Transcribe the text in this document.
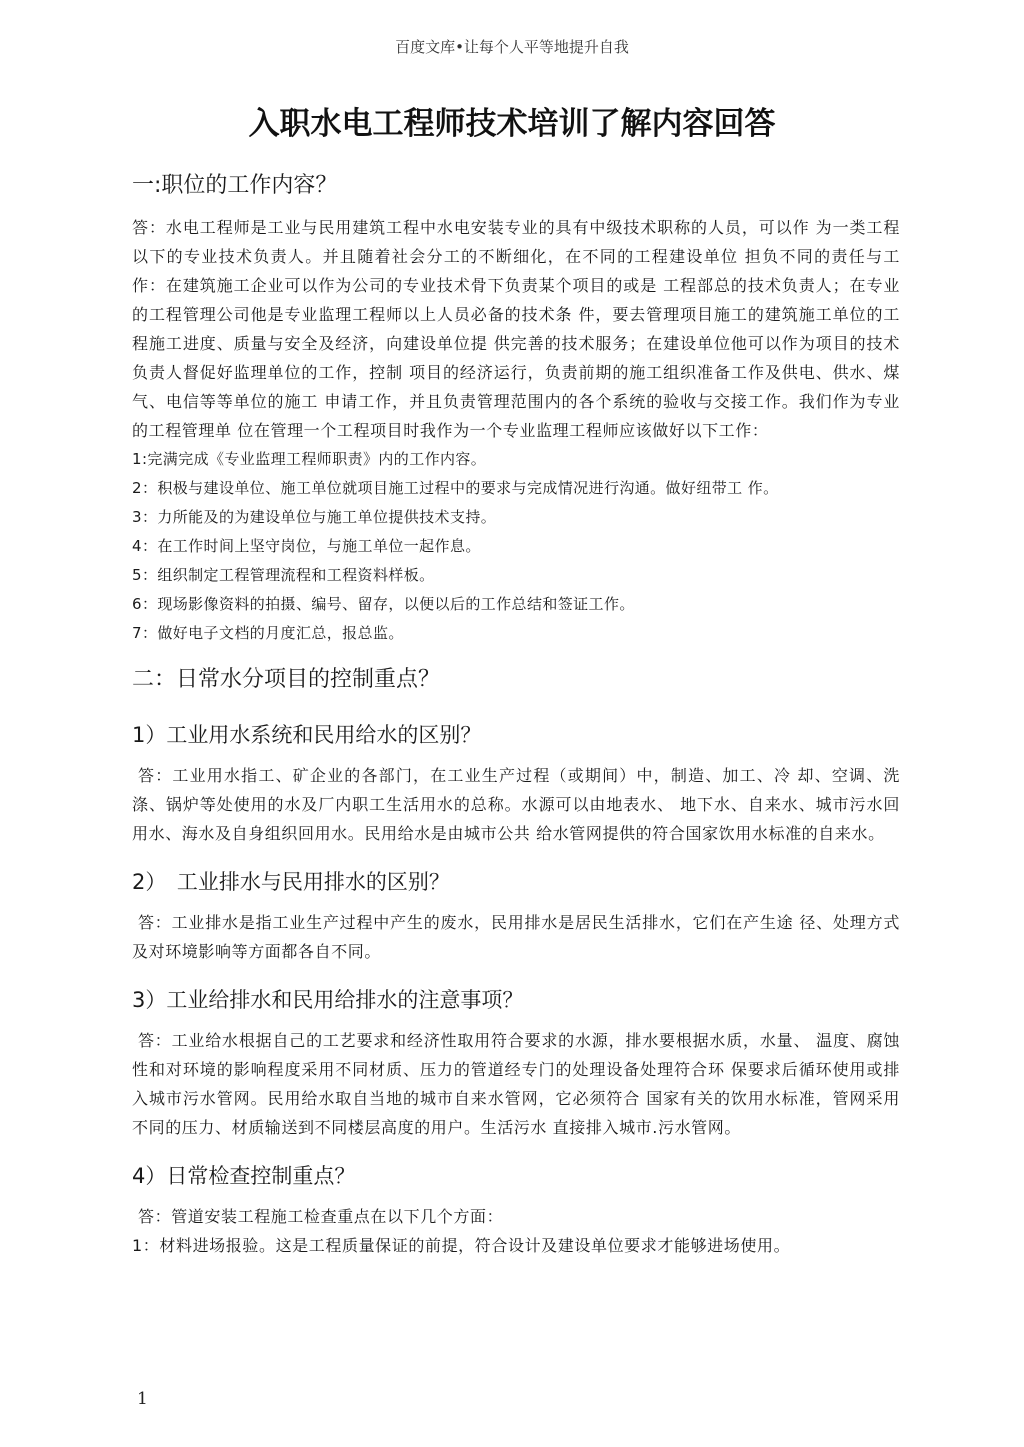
百度文库•让每个人平等地提升自我
入职水电工程师技术培训了解内容回答
一:职位的工作内容？

答：水电工程师是工业与民用建筑工程中水电安装专业的具有中级技术职称的人员，可以作 为一类工程以下的专业技术负责人。并且随着社会分工的不断细化，在不同的工程建设单位 担负不同的责任与工作：在建筑施工企业可以作为公司的专业技术骨下负责某个项目的或是 工程部总的技术负责人；在专业的工程管理公司他是专业监理工程师以上人员必备的技术条 件，要去管理项目施工的建筑施工单位的工程施工进度、质量与安全及经济，向建设单位提 供完善的技术服务；在建设单位他可以作为项目的技术负责人督促好监理单位的工作，控制 项目的经济运行，负责前期的施工组织准备工作及供电、供水、煤气、电信等等单位的施工 申请工作，并且负责管理范围内的各个系统的验收与交接工作。我们作为专业的工程管理单 位在管理一个工程项目时我作为一个专业监理工程师应该做好以下工作：

1:完满完成《专业监理工程师职责》内的工作内容。
2：积极与建设单位、施工单位就项目施工过程中的要求与完成情况进行沟通。做好纽带工 作。
3：力所能及的为建设单位与施工单位提供技术支持。
4：在工作时间上坚守岗位，与施工单位一起作息。
5：组织制定工程管理流程和工程资料样板。
6：现场影像资料的拍摄、编号、留存，以便以后的工作总结和签证工作。
7：做好电子文档的月度汇总，报总监。
二：日常水分项目的控制重点？
1）工业用水系统和民用给水的区别？

答：工业用水指工、矿企业的各部门，在工业生产过程（或期间）中，制造、加工、冷 却、空调、洗涤、锅炉等处使用的水及厂内职工生活用水的总称。水源可以由地表水、 地下水、自来水、城市污水回用水、海水及自身组织回用水。民用给水是由城市公共 给水管网提供的符合国家饮用水标准的自来水。

2）　工业排水与民用排水的区别？

答：工业排水是指工业生产过程中产生的废水，民用排水是居民生活排水，它们在产生途 径、处理方式及对环境影响等方面都各自不同。

3）工业给排水和民用给排水的注意事项？

答：工业给水根据自己的工艺要求和经济性取用符合要求的水源，排水要根据水质，水量、 温度、腐蚀性和对环境的影响程度采用不同材质、压力的管道经专门的处理设备处理符合环 保要求后循环使用或排入城市污水管网。民用给水取自当地的城市自来水管网，它必须符合 国家有关的饮用水标准，管网采用不同的压力、材质输送到不同楼层高度的用户。生活污水 直接排入城市.污水管网。

4）日常检查控制重点？

答：管道安装工程施工检查重点在以下几个方面：

1：材料进场报验。这是工程质量保证的前提，符合设计及建设单位要求才能够进场使用。

1
